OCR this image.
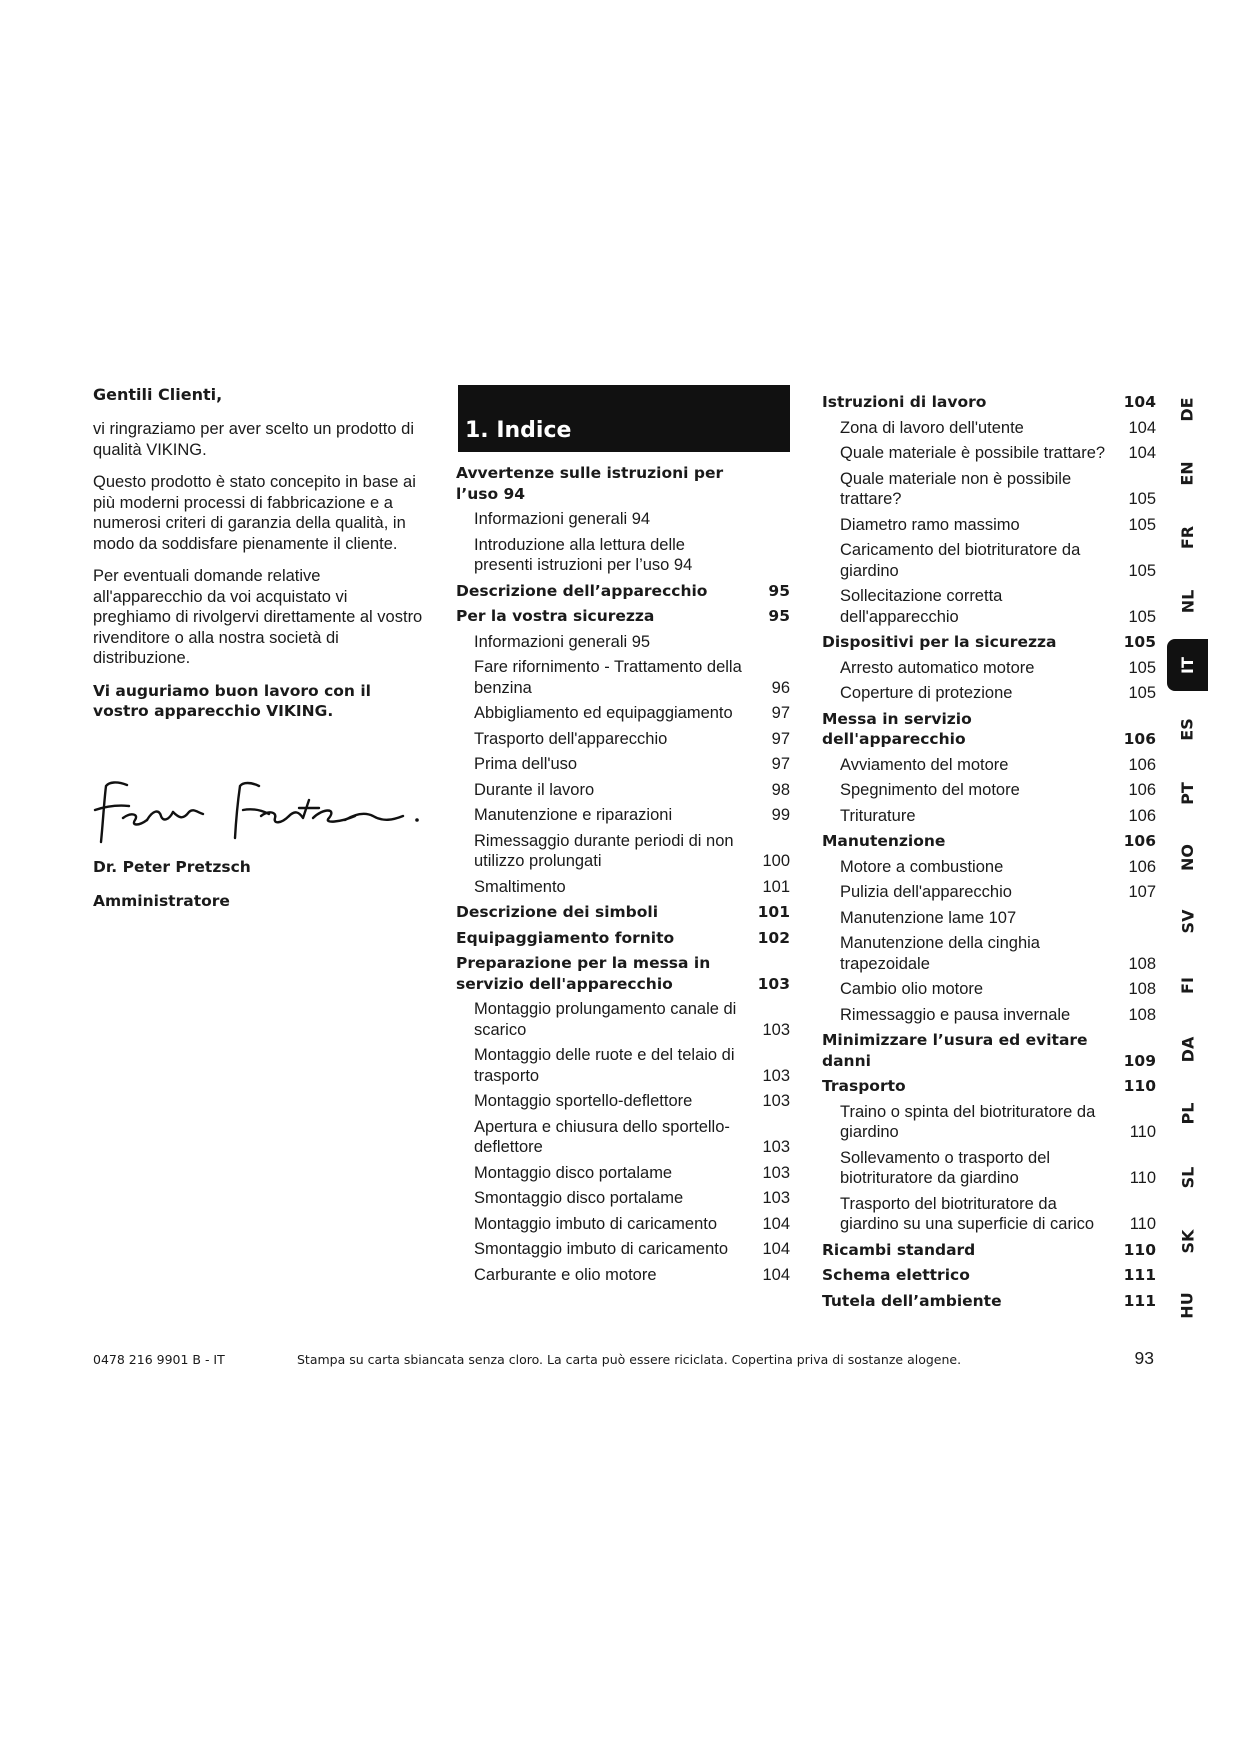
Gentili Clienti,

vi ringraziamo per aver scelto un prodotto di qualità VIKING.

Questo prodotto è stato concepito in base ai più moderni processi di fabbricazione e a numerosi criteri di garanzia della qualità, in modo da soddisfare pienamente il cliente.

Per eventuali domande relative all'apparecchio da voi acquistato vi preghiamo di rivolgervi direttamente al vostro rivenditore o alla nostra società di distribuzione.

Vi auguriamo buon lavoro con il vostro apparecchio VIKING.

Dr. Peter Pretzsch

Amministratore

1. Indice
Avvertenze sulle istruzioni per l’uso 94
Informazioni generali 94
Introduzione alla lettura delle presenti istruzioni per l’uso 94
Descrizione dell’apparecchio	95
Per la vostra sicurezza	95
Informazioni generali 95
Fare rifornimento - Trattamento della benzina	96
Abbigliamento ed equipaggiamento	97
Trasporto dell'apparecchio	97
Prima dell'uso	97
Durante il lavoro	98
Manutenzione e riparazioni	99
Rimessaggio durante periodi di non utilizzo prolungati	100
Smaltimento	101
Descrizione dei simboli	101
Equipaggiamento fornito	102
Preparazione per la messa in servizio dell'apparecchio	103
Montaggio prolungamento canale di scarico	103
Montaggio delle ruote e del telaio di trasporto	103
Montaggio sportello-deflettore	103
Apertura e chiusura dello sportello-deflettore	103
Montaggio disco portalame	103
Smontaggio disco portalame	103
Montaggio imbuto di caricamento	104
Smontaggio imbuto di caricamento	104
Carburante e olio motore	104
Istruzioni di lavoro	104
Zona di lavoro dell'utente	104
Quale materiale è possibile trattare?	104
Quale materiale non è possibile trattare?	105
Diametro ramo massimo	105
Caricamento del biotrituratore da giardino	105
Sollecitazione corretta dell'apparecchio	105
Dispositivi per la sicurezza	105
Arresto automatico motore	105
Coperture di protezione	105
Messa in servizio dell'apparecchio	106
Avviamento del motore	106
Spegnimento del motore	106
Triturature	106
Manutenzione	106
Motore a combustione	106
Pulizia dell'apparecchio	107
Manutenzione lame 107
Manutenzione della cinghia trapezoidale	108
Cambio olio motore	108
Rimessaggio e pausa invernale	108
Minimizzare l’usura ed evitare danni	109
Trasporto	110
Traino o spinta del biotrituratore da giardino	110
Sollevamento o trasporto del biotrituratore da giardino	110
Trasporto del biotrituratore da giardino su una superficie di carico	110
Ricambi standard	110
Schema elettrico	111
Tutela dell’ambiente	111
DE
EN
FR
NL
IT
ES
PT
NO
SV
FI
DA
PL
SL
SK
HU
0478 216 9901 B - IT	Stampa su carta sbiancata senza cloro. La carta può essere riciclata. Copertina priva di sostanze alogene.	93
